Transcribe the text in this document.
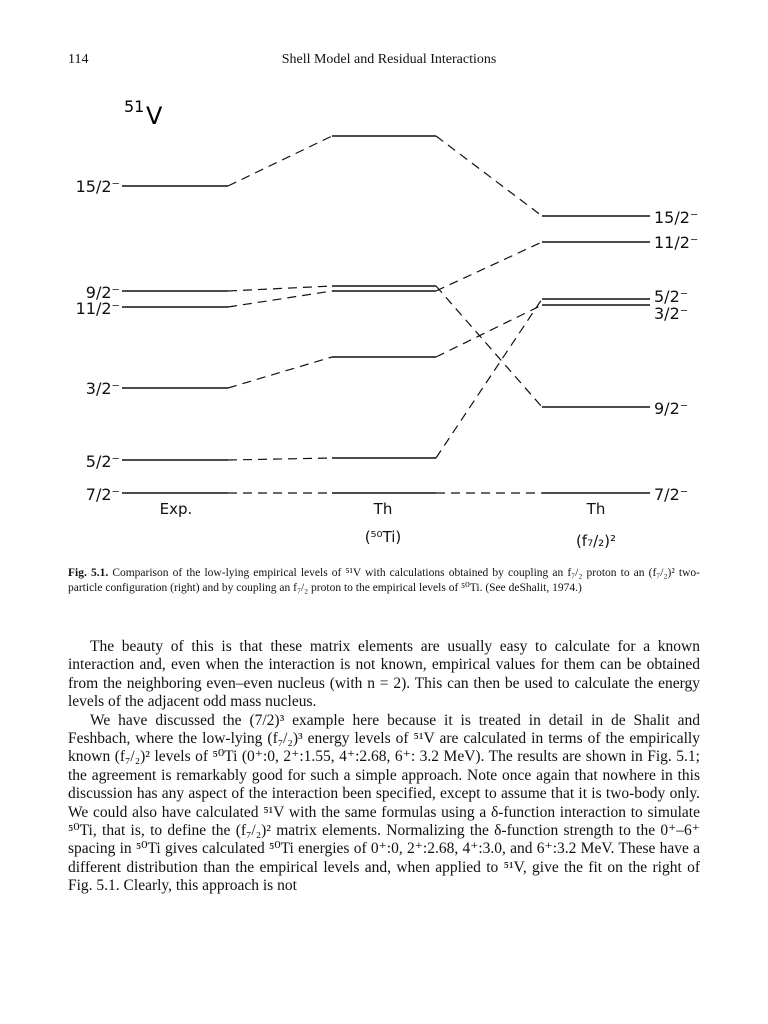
114	Shell Model and Residual Interactions
51 V
15/2⁻
9/2⁻
11/2⁻
3/2⁻
5/2⁻
7/2⁻
15/2⁻
11/2⁻
5/2⁻
3/2⁻
9/2⁻
7/2⁻
Exp.	Th
(⁵⁰Ti)
Th
(f₇/₂)²
Fig. 5.1. Comparison of the low-lying empirical levels of ⁵¹V with calculations obtained by coupling an f₇/₂ proton to an (f₇/₂)² two-particle configuration (right) and by coupling an f₇/₂ proton to the empirical levels of ⁵⁰Ti. (See deShalit, 1974.)

The beauty of this is that these matrix elements are usually easy to calculate for a known interaction and, even when the interaction is not known, empirical values for them can be obtained from the neighboring even–even nucleus (with n = 2). This can then be used to calculate the energy levels of the adjacent odd mass nucleus.

We have discussed the (7/2)³ example here because it is treated in detail in de Shalit and Feshbach, where the low-lying (f₇/₂)³ energy levels of ⁵¹V are calculated in terms of the empirically known (f₇/₂)² levels of ⁵⁰Ti (0⁺:0, 2⁺:1.55, 4⁺:2.68, 6⁺: 3.2 MeV). The results are shown in Fig. 5.1; the agreement is remarkably good for such a simple approach. Note once again that nowhere in this discussion has any aspect of the interaction been specified, except to assume that it is two-body only. We could also have calculated ⁵¹V with the same formulas using a δ-function interaction to simulate ⁵⁰Ti, that is, to define the (f₇/₂)² matrix elements. Normalizing the δ-function strength to the 0⁺–6⁺ spacing in ⁵⁰Ti gives calculated ⁵⁰Ti energies of 0⁺:0, 2⁺:2.68, 4⁺:3.0, and 6⁺:3.2 MeV. These have a different distribution than the empirical levels and, when applied to ⁵¹V, give the fit on the right of Fig. 5.1. Clearly, this approach is not
